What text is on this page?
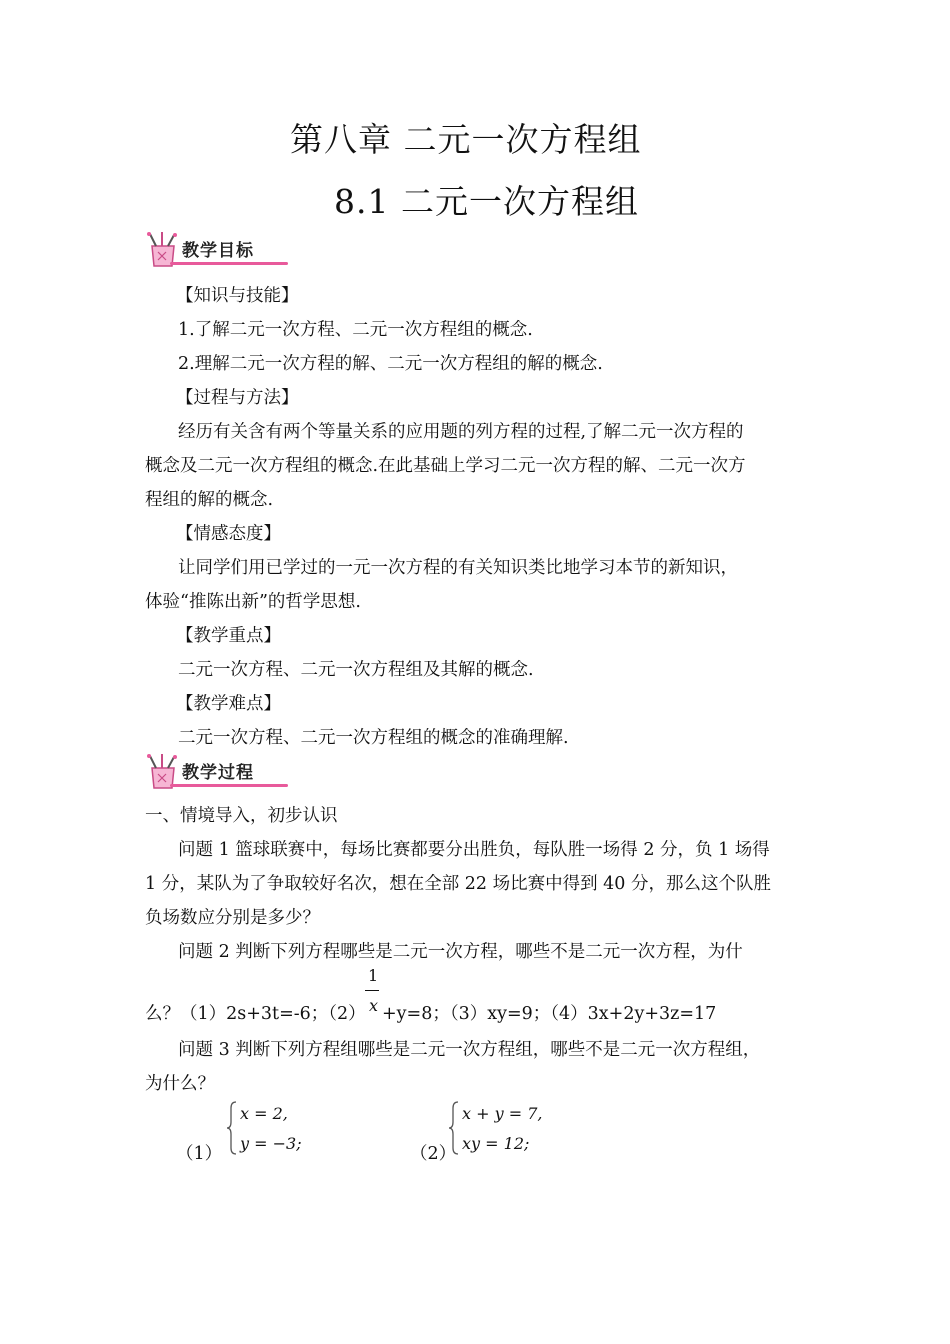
第八章 二元一次方程组
8.1 二元一次方程组
教学目标
【知识与技能】
1.了解二元一次方程、二元一次方程组的概念.
2.理解二元一次方程的解、二元一次方程组的解的概念.
【过程与方法】
经历有关含有两个等量关系的应用题的列方程的过程,了解二元一次方程的
概念及二元一次方程组的概念.在此基础上学习二元一次方程的解、二元一次方
程组的解的概念.
【情感态度】
让同学们用已学过的一元一次方程的有关知识类比地学习本节的新知识，
体验“推陈出新”的哲学思想.
【教学重点】
二元一次方程、二元一次方程组及其解的概念.
【教学难点】
二元一次方程、二元一次方程组的概念的准确理解.
教学过程
一、情境导入，初步认识
问题 1 篮球联赛中，每场比赛都要分出胜负，每队胜一场得 2 分，负 1 场得
1 分，某队为了争取较好名次，想在全部 22 场比赛中得到 40 分，那么这个队胜
负场数应分别是多少？
问题 2 判断下列方程哪些是二元一次方程，哪些不是二元一次方程，为什
么？（1）2s+3t=-6；（2）
1
x +y=8；（3）xy=9；（4）3x+2y+3z=17
问题 3 判断下列方程组哪些是二元一次方程组，哪些不是二元一次方程组，
为什么？
（1）
x = 2,
y = −3;
（2）
x + y = 7,
xy = 12;
